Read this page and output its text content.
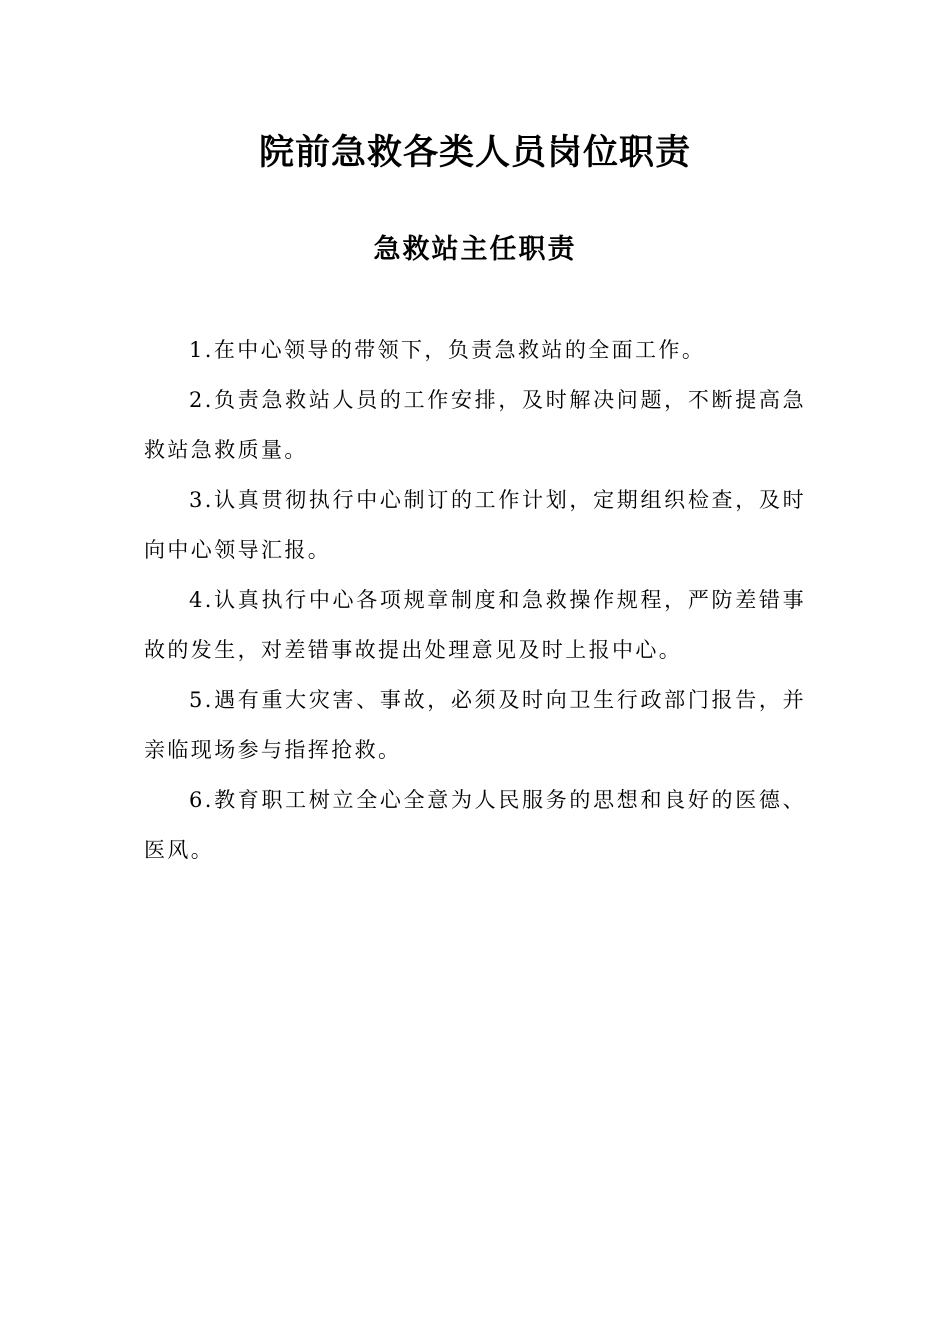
院前急救各类人员岗位职责
急救站主任职责
1.在中心领导的带领下，负责急救站的全面工作。
2.负责急救站人员的工作安排，及时解决问题，不断提高急救站急救质量。
3.认真贯彻执行中心制订的工作计划，定期组织检查，及时向中心领导汇报。
4.认真执行中心各项规章制度和急救操作规程，严防差错事故的发生，对差错事故提出处理意见及时上报中心。
5.遇有重大灾害、事故，必须及时向卫生行政部门报告，并亲临现场参与指挥抢救。
6.教育职工树立全心全意为人民服务的思想和良好的医德、医风。
